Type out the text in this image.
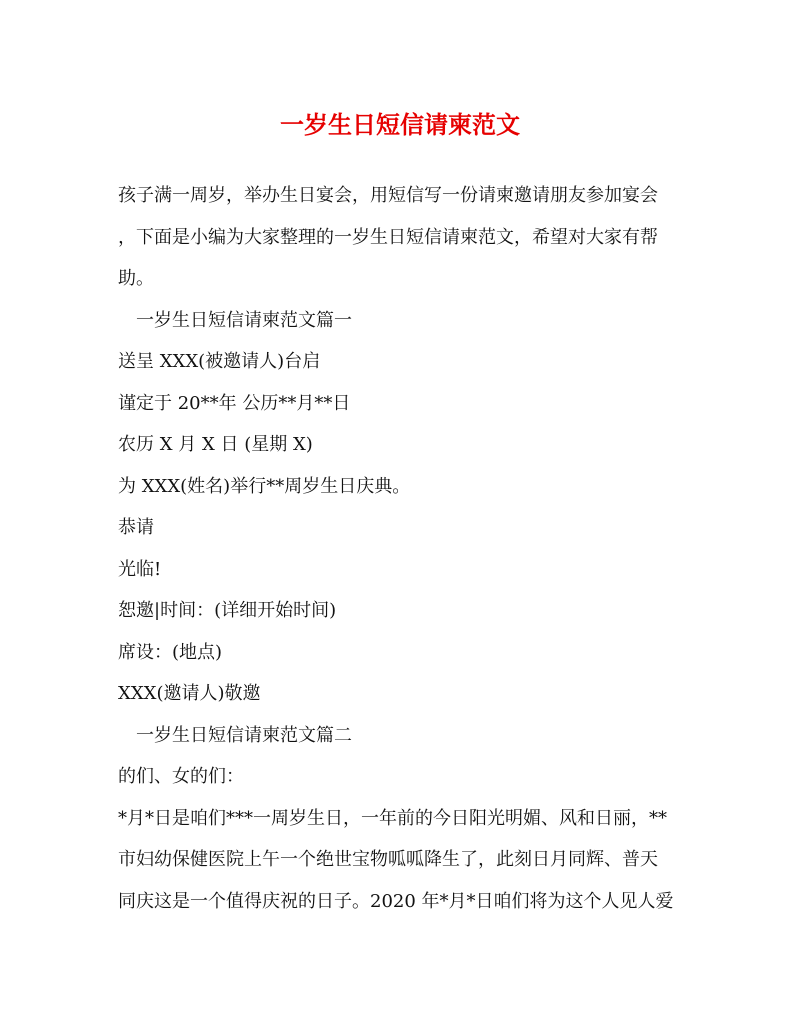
一岁生日短信请柬范文

孩子满一周岁，举办生日宴会，用短信写一份请柬邀请朋友参加宴会

，下面是小编为大家整理的一岁生日短信请柬范文，希望对大家有帮

助。

一岁生日短信请柬范文篇一

送呈 XXX(被邀请人)台启

谨定于 20**年 公历**月**日

农历 X 月 X 日 (星期 X)

为 XXX(姓名)举行**周岁生日庆典。

恭请

光临!

恕邀|时间：(详细开始时间)

席设：(地点)

XXX(邀请人)敬邀

一岁生日短信请柬范文篇二

的们、女的们：

*月*日是咱们***一周岁生日，一年前的今日阳光明媚、风和日丽，**

市妇幼保健医院上午一个绝世宝物呱呱降生了，此刻日月同辉、普天

同庆这是一个值得庆祝的日子。2020 年*月*日咱们将为这个人见人爱
